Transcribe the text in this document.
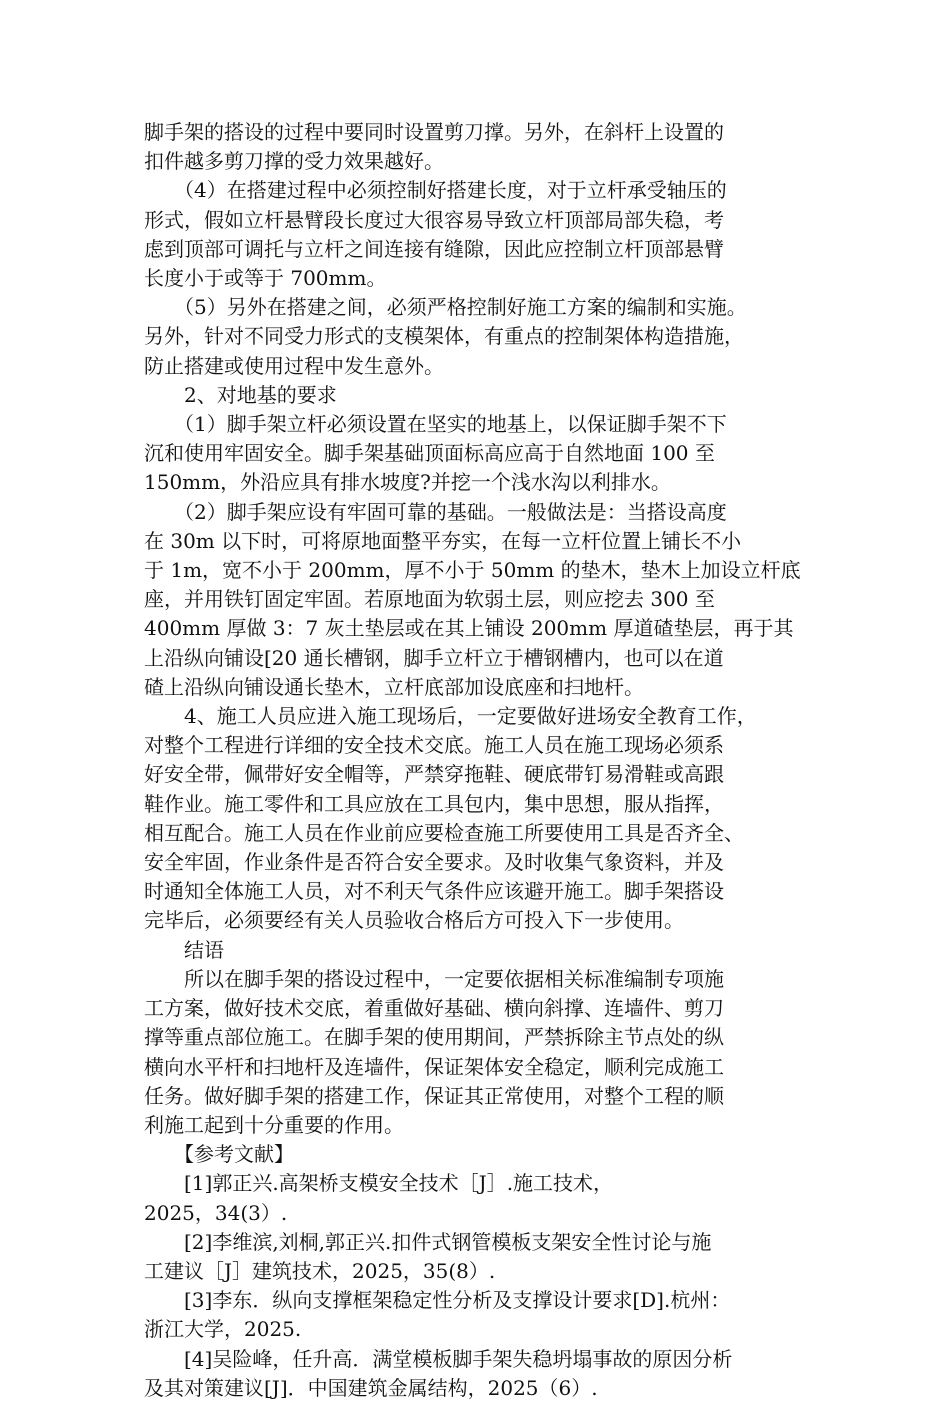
脚手架的搭设的过程中要同时设置剪刀撑。另外，在斜杆上设置的
扣件越多剪刀撑的受力效果越好。
　　（4）在搭建过程中必须控制好搭建长度，对于立杆承受轴压的
形式，假如立杆悬臂段长度过大很容易导致立杆顶部局部失稳，考
虑到顶部可调托与立杆之间连接有缝隙，因此应控制立杆顶部悬臂
长度小于或等于 700mm。
　　（5）另外在搭建之间，必须严格控制好施工方案的编制和实施。
另外，针对不同受力形式的支模架体，有重点的控制架体构造措施，
防止搭建或使用过程中发生意外。
　　2、对地基的要求
　　（1）脚手架立杆必须设置在坚实的地基上，以保证脚手架不下
沉和使用牢固安全。脚手架基础顶面标高应高于自然地面 100 至
150mm，外沿应具有排水坡度?并挖一个浅水沟以利排水。
　　（2）脚手架应设有牢固可靠的基础。一般做法是：当搭设高度
在 30m 以下时，可将原地面整平夯实，在每一立杆位置上铺长不小
于 1m，宽不小于 200mm，厚不小于 50mm 的垫木，垫木上加设立杆底
座，并用铁钉固定牢固。若原地面为软弱土层，则应挖去 300 至
400mm 厚做 3：7 灰土垫层或在其上铺设 200mm 厚道碴垫层，再于其
上沿纵向铺设[20 通长槽钢，脚手立杆立于槽钢槽内，也可以在道
碴上沿纵向铺设通长垫木，立杆底部加设底座和扫地杆。
　　4、施工人员应进入施工现场后，一定要做好进场安全教育工作，
对整个工程进行详细的安全技术交底。施工人员在施工现场必须系
好安全带，佩带好安全帽等，严禁穿拖鞋、硬底带钉易滑鞋或高跟
鞋作业。施工零件和工具应放在工具包内，集中思想，服从指挥，
相互配合。施工人员在作业前应要检查施工所要使用工具是否齐全、
安全牢固，作业条件是否符合安全要求。及时收集气象资料，并及
时通知全体施工人员，对不利天气条件应该避开施工。脚手架搭设
完毕后，必须要经有关人员验收合格后方可投入下一步使用。
　　结语
　　所以在脚手架的搭设过程中，一定要依据相关标准编制专项施
工方案，做好技术交底，着重做好基础、横向斜撑、连墙件、剪刀
撑等重点部位施工。在脚手架的使用期间，严禁拆除主节点处的纵
横向水平杆和扫地杆及连墙件，保证架体安全稳定，顺利完成施工
任务。做好脚手架的搭建工作，保证其正常使用，对整个工程的顺
利施工起到十分重要的作用。
　　【参考文献】
　　[1]郭正兴.高架桥支模安全技术［J］.施工技术，
2025，34(3）.
　　[2]李维滨,刘桐,郭正兴.扣件式钢管模板支架安全性讨论与施
工建议［J］建筑技术，2025，35(8）.
　　[3]李东．纵向支撑框架稳定性分析及支撑设计要求[D].杭州：
浙江大学，2025.
　　[4]吴险峰，任升高．满堂模板脚手架失稳坍塌事故的原因分析
及其对策建议[J]．中国建筑金属结构，2025（6）.
